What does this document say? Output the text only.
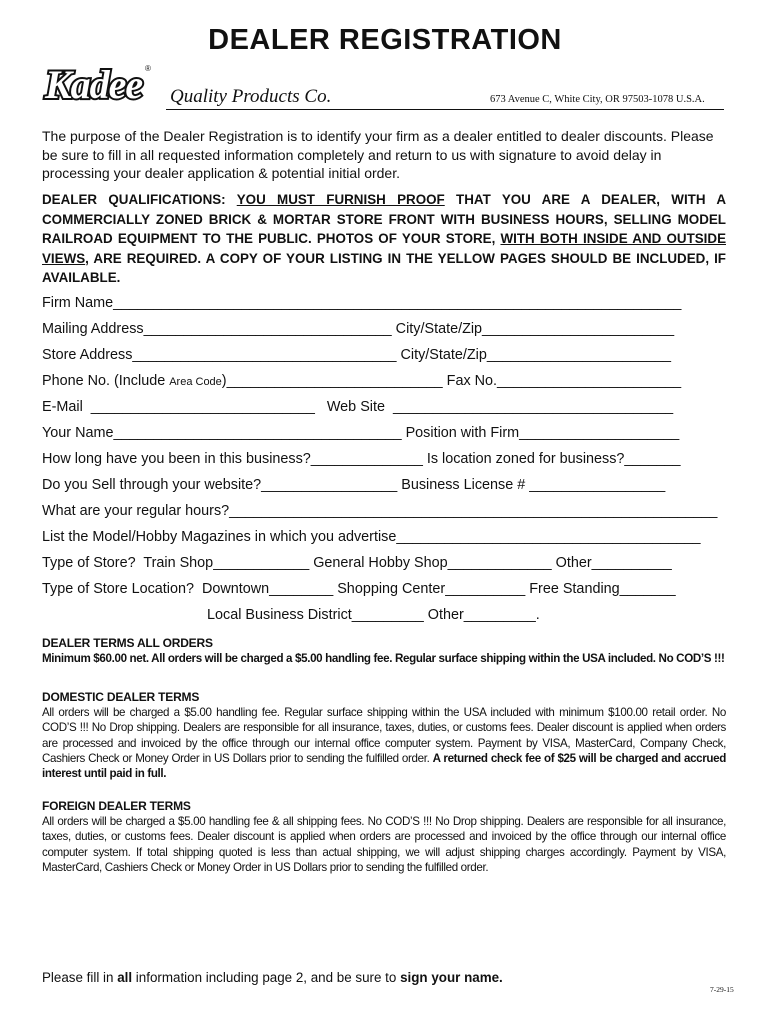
DEALER REGISTRATION
Kadee ®
Quality Products Co.	673 Avenue C, White City, OR 97503-1078 U.S.A.
The purpose of the Dealer Registration is to identify your firm as a dealer entitled to dealer discounts. Please be sure to fill in all requested information completely and return to us with signature to avoid delay in processing your dealer application & potential initial order.
DEALER QUALIFICATIONS: YOU MUST FURNISH PROOF THAT YOU ARE A DEALER, WITH A COMMERCIALLY ZONED BRICK & MORTAR STORE FRONT WITH BUSINESS HOURS, SELLING MODEL RAILROAD EQUIPMENT TO THE PUBLIC. PHOTOS OF YOUR STORE, WITH BOTH INSIDE AND OUTSIDE VIEWS, ARE REQUIRED. A COPY OF YOUR LISTING IN THE YELLOW PAGES SHOULD BE INCLUDED, IF AVAILABLE.
Firm Name_______________________________________________________________________
Mailing Address_______________________________ City/State/Zip________________________
Store Address_________________________________ City/State/Zip_______________________
Phone No. (Include Area Code)___________________________ Fax No._______________________
E-Mail  ____________________________   Web Site  ___________________________________
Your Name____________________________________ Position with Firm____________________
How long have you been in this business?______________ Is location zoned for business?_______
Do you Sell through your website?_________________ Business License # _________________
What are your regular hours?_____________________________________________________________
List the Model/Hobby Magazines in which you advertise______________________________________
Type of Store?  Train Shop____________ General Hobby Shop_____________ Other__________
Type of Store Location?  Downtown________ Shopping Center__________ Free Standing_______
Local Business District_________ Other_________.
DEALER TERMS ALL ORDERS
Minimum $60.00 net. All orders will be charged a $5.00 handling fee. Regular surface shipping within the USA included. No COD’S !!!
DOMESTIC DEALER TERMS
All orders will be charged a $5.00 handling fee. Regular surface shipping within the USA included with minimum $100.00 retail order. No COD’S !!! No Drop shipping. Dealers are responsible for all insurance, taxes, duties, or customs fees. Dealer discount is applied when orders are processed and invoiced by the office through our internal office computer system. Payment by VISA, MasterCard, Company Check, Cashiers Check or Money Order in US Dollars prior to sending the fulfilled order. A returned check fee of $25 will be charged and accrued interest until paid in full.
FOREIGN DEALER TERMS
All orders will be charged a $5.00 handling fee & all shipping fees. No COD’S !!! No Drop shipping. Dealers are responsible for all insurance, taxes, duties, or customs fees. Dealer discount is applied when orders are processed and invoiced by the office through our internal office computer system. If total shipping quoted is less than actual shipping, we will adjust shipping charges accordingly. Payment by VISA, MasterCard, Cashiers Check or Money Order in US Dollars prior to sending the fulfilled order.
Please fill in all information including page 2, and be sure to sign your name.
7-29-15
